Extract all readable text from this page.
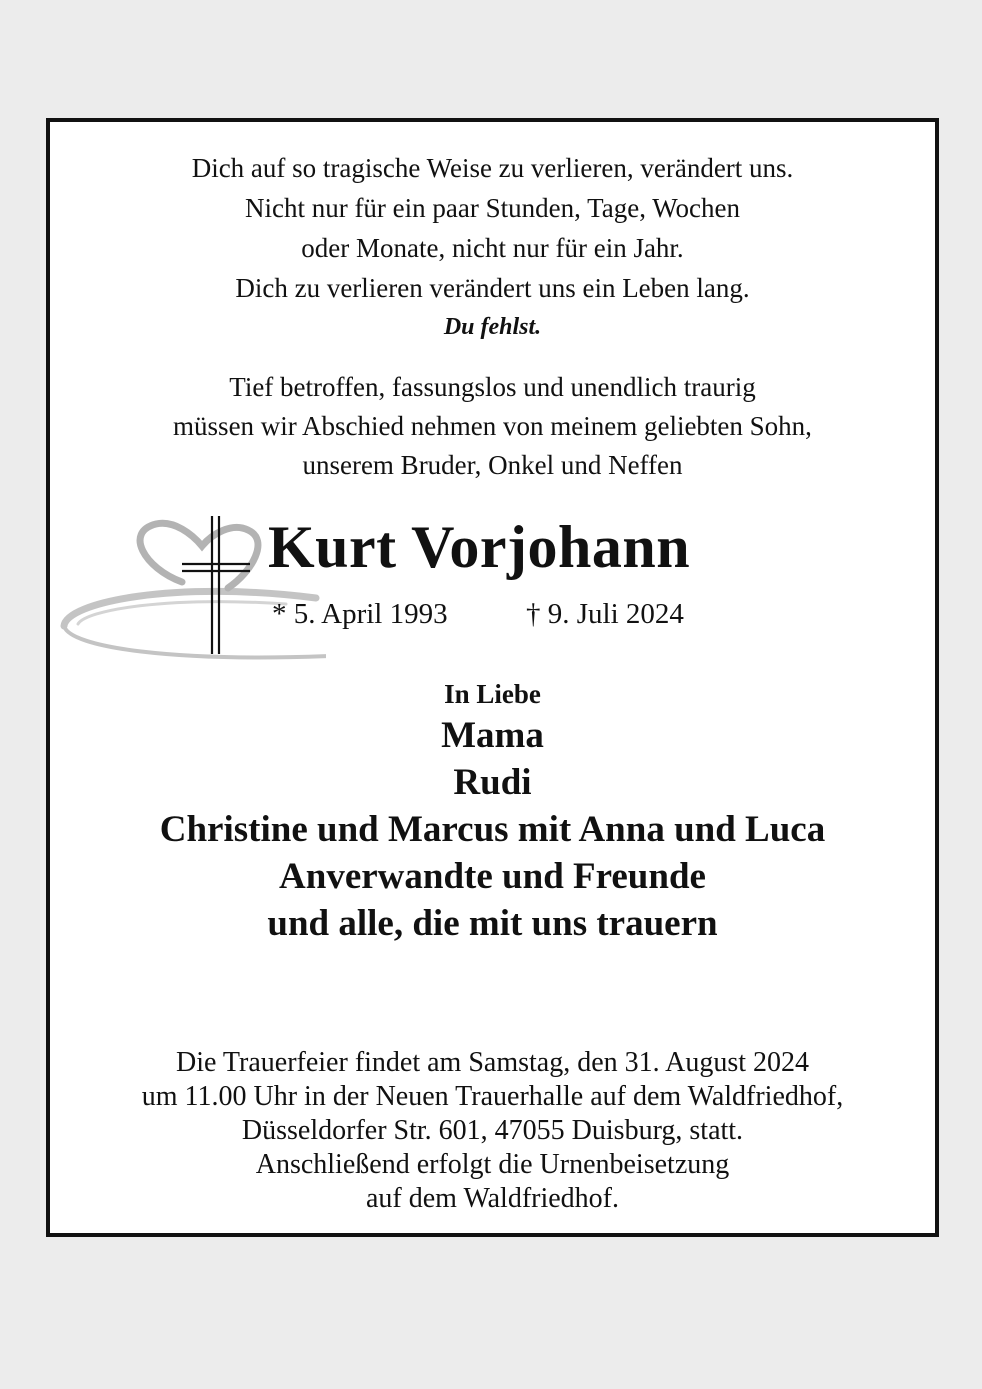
Dich auf so tragische Weise zu verlieren, verändert uns.
Nicht nur für ein paar Stunden, Tage, Wochen
oder Monate, nicht nur für ein Jahr.
Dich zu verlieren verändert uns ein Leben lang.
Du fehlst.
Tief betroffen, fassungslos und unendlich traurig
müssen wir Abschied nehmen von meinem geliebten Sohn,
unserem Bruder, Onkel und Neffen
Kurt Vorjohann
* 5. April 1993	† 9. Juli 2024
In Liebe
Mama
Rudi
Christine und Marcus mit Anna und Luca
Anverwandte und Freunde
und alle, die mit uns trauern
Die Trauerfeier findet am Samstag, den 31. August 2024
um 11.00 Uhr in der Neuen Trauerhalle auf dem Waldfriedhof,
Düsseldorfer Str. 601, 47055 Duisburg, statt.
Anschließend erfolgt die Urnenbeisetzung
auf dem Waldfriedhof.
